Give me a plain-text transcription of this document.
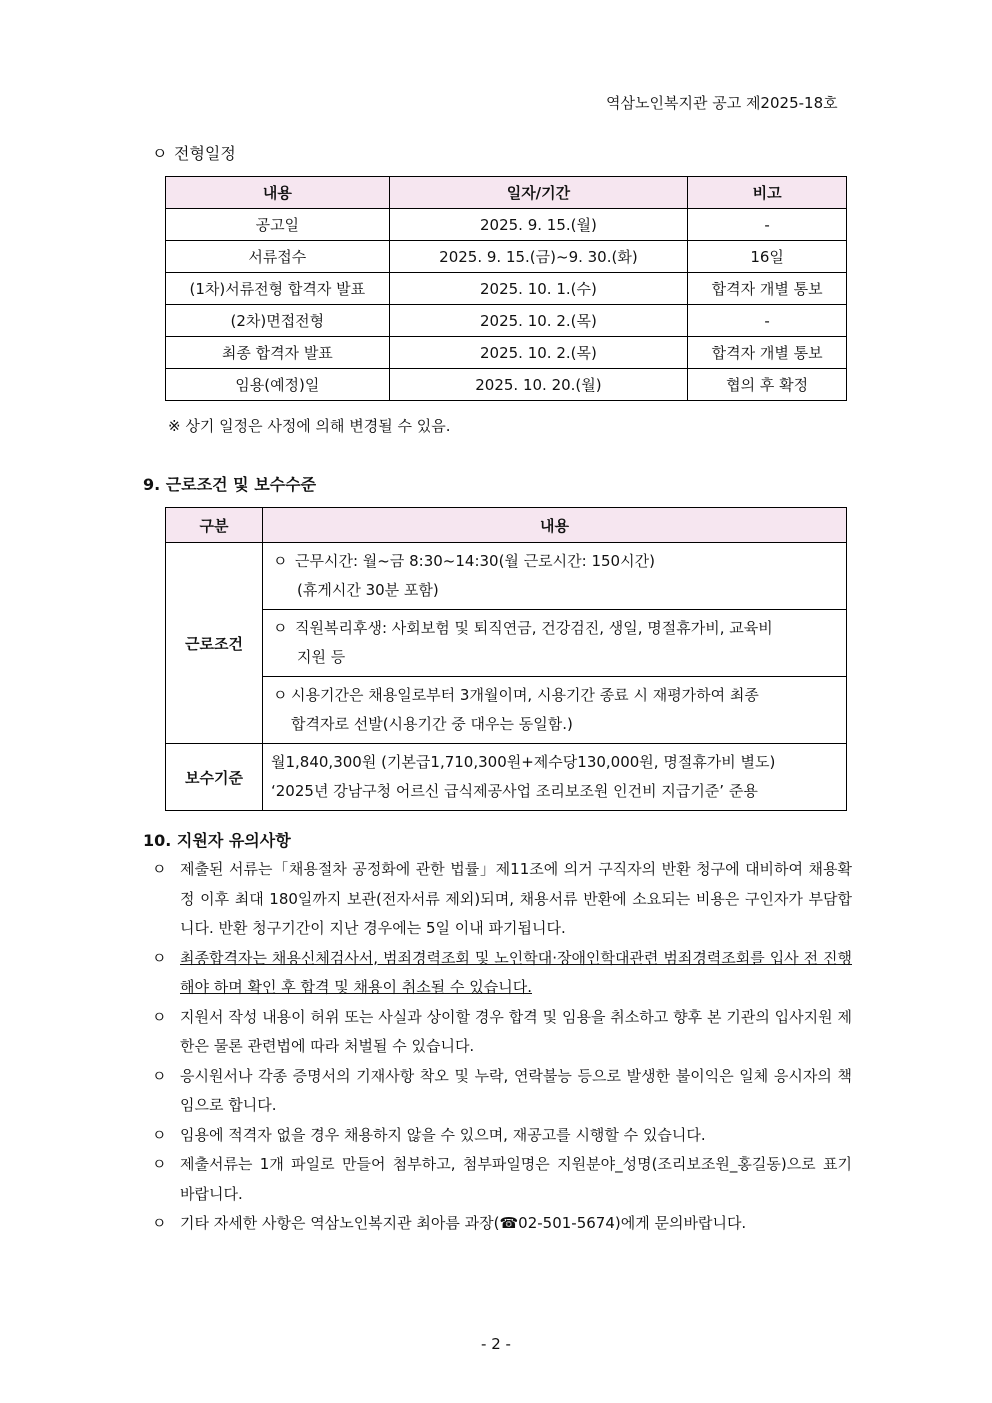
역삼노인복지관 공고 제2025-18호
ㅇ 전형일정
내용	일자/기간	비고
공고일	2025. 9. 15.(월)	-
서류접수	2025. 9. 15.(금)~9. 30.(화)	16일
(1차)서류전형 합격자 발표	2025. 10. 1.(수)	합격자 개별 통보
(2차)면접전형	2025. 10. 2.(목)	-
최종 합격자 발표	2025. 10. 2.(목)	합격자 개별 통보
임용(예정)일	2025. 10. 20.(월)	협의 후 확정
※ 상기 일정은 사정에 의해 변경될 수 있음.
9. 근로조건 및 보수수준
구분	내용
근로조건	ㅇ 근무시간: 월~금 8:30~14:30(월 근로시간: 150시간)
(휴게시간 30분 포함)

	ㅇ 직원복리후생: 사회보험 및 퇴직연금, 건강검진, 생일, 명절휴가비, 교육비
지원 등

	ㅇ 시용기간은 채용일로부터 3개월이며, 시용기간 종료 시 재평가하여 최종
합격자로 선발(시용기간 중 대우는 동일함.)

보수기준	월1,840,300원 (기본급1,710,300원+제수당130,000원, 명절휴가비 별도)
‘2025년 강남구청 어르신 급식제공사업 조리보조원 인건비 지급기준’ 준용
10. 지원자 유의사항
ㅇ 제출된 서류는「채용절차 공정화에 관한 법률」제11조에 의거 구직자의 반환 청구에 대비하여 채용확정 이후 최대 180일까지 보관(전자서류 제외)되며, 채용서류 반환에 소요되는 비용은 구인자가 부담합니다. 반환 청구기간이 지난 경우에는 5일 이내 파기됩니다.
ㅇ 최종합격자는 채용신체검사서, 범죄경력조회 및 노인학대·장애인학대관련 범죄경력조회를 입사 전 진행해야 하며 확인 후 합격 및 채용이 취소될 수 있습니다.
ㅇ 지원서 작성 내용이 허위 또는 사실과 상이할 경우 합격 및 임용을 취소하고 향후 본 기관의 입사지원 제한은 물론 관련법에 따라 처벌될 수 있습니다.
ㅇ 응시원서나 각종 증명서의 기재사항 착오 및 누락, 연락불능 등으로 발생한 불이익은 일체 응시자의 책임으로 합니다.
ㅇ 임용에 적격자 없을 경우 채용하지 않을 수 있으며, 재공고를 시행할 수 있습니다.
ㅇ 제출서류는 1개 파일로 만들어 첨부하고, 첨부파일명은 지원분야_성명(조리보조원_홍길동)으로 표기 바랍니다.
ㅇ 기타 자세한 사항은 역삼노인복지관 최아름 과장(☎02-501-5674)에게 문의바랍니다.
- 2 -
